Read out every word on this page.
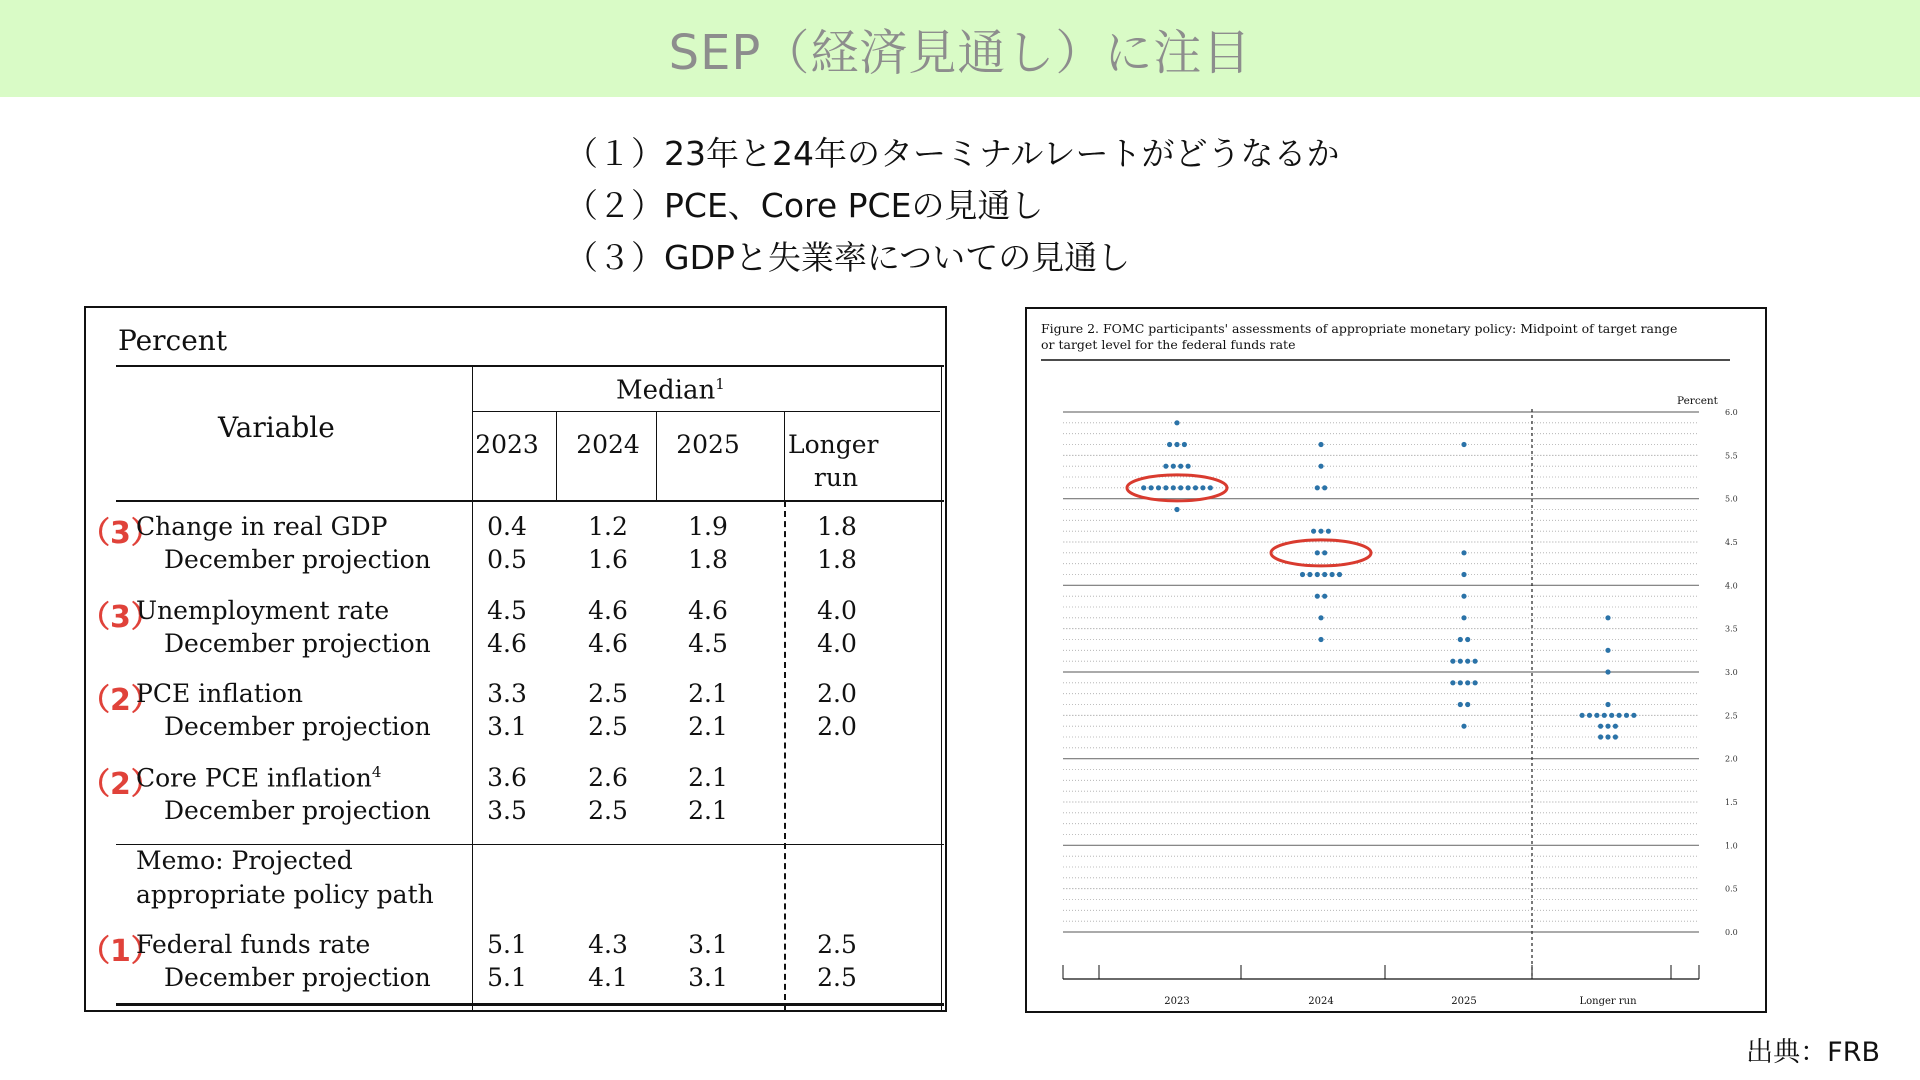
SEP（経済見通し）に注目
（１）23年と24年のターミナルレートがどうなるか
（２）PCE、Core PCEの見通し
（３）GDPと失業率についての見通し
Percent
Median$^1$
Variable
2023	2024	2025	Longer
run
（3）
Change in real GDP	0.4	1.2	1.9	1.8
December projection	0.5	1.6	1.8	1.8
（3）
Unemployment rate	4.5	4.6	4.6	4.0
December projection	4.6	4.6	4.5	4.0
（2）
PCE inflation	3.3	2.5	2.1	2.0
December projection	3.1	2.5	2.1	2.0
（2）
Core PCE inflation$^4$	3.6	2.6	2.1
December projection	3.5	2.5	2.1
Memo: Projected
appropriate policy path
（1）
Federal funds rate	5.1	4.3	3.1	2.5
December projection	5.1	4.1	3.1	2.5
Figure 2. FOMC participants' assessments of appropriate monetary policy: Midpoint of target range
or target level for the federal funds rate
Percent
0.0
0.5
1.0
1.5
2.0
2.5
3.0
3.5
4.0
4.5
5.0
5.5
6.0
2023	2024	2025	Longer run
出典：FRB
